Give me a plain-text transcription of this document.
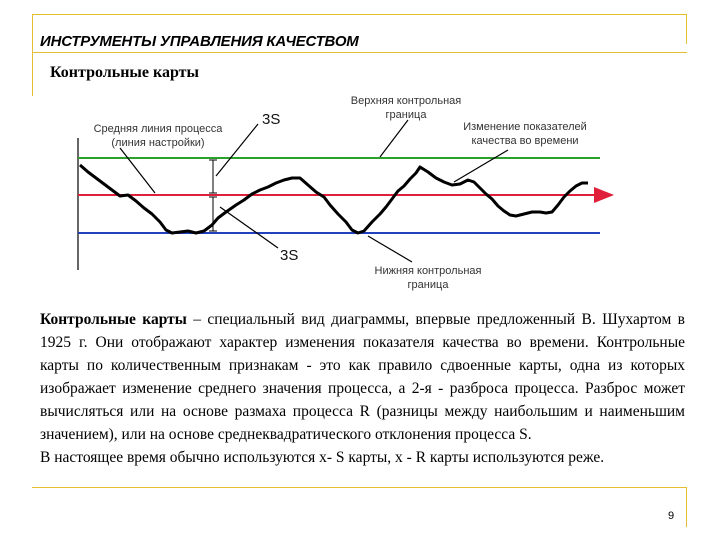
ИНСТРУМЕНТЫ УПРАВЛЕНИЯ КАЧЕСТВОМ
Контрольные карты
Средняя линия процесса
(линия настройки)
Верхняя контрольная
граница
Изменение показателей
качества во времени
Нижняя контрольная
граница
3S
3S

Контрольные карты – специальный вид диаграммы, впервые предложенный В. Шухартом в 1925 г. Они отображают характер изменения показателя качества во времени. Контрольные карты по количественным признакам - это как правило сдвоенные карты, одна из которых изображает изменение среднего значения процесса, а 2-я - разброса процесса. Разброс может вычисляться или на основе размаха процесса R (разницы между наибольшим и наименьшим значением), или на основе среднеквадратического отклонения процесса S.

В настоящее время обычно используются x- S карты, x - R карты используются реже.

9
